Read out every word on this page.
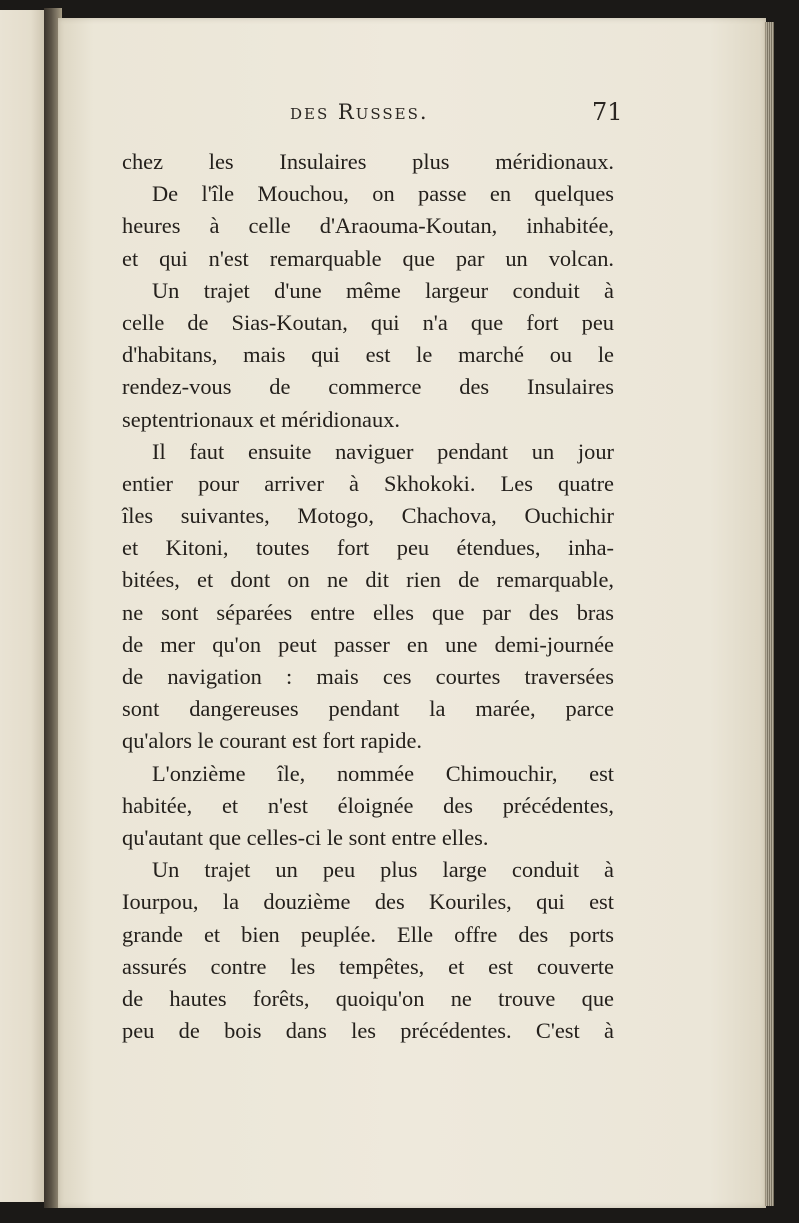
des Russes.	71
chez les Insulaires plus méridionaux.
De l'île Mouchou, on passe en quelques
heures à celle d'Araouma-Koutan, inhabitée,
et qui n'est remarquable que par un volcan.
Un trajet d'une même largeur conduit à
celle de Sias-Koutan, qui n'a que fort peu
d'habitans, mais qui est le marché ou le
rendez-vous de commerce des Insulaires
septentrionaux et méridionaux.
Il faut ensuite naviguer pendant un jour
entier pour arriver à Skhokoki. Les quatre
îles suivantes, Motogo, Chachova, Ouchichir
et Kitoni, toutes fort peu étendues, inha-
bitées, et dont on ne dit rien de remarquable,
ne sont séparées entre elles que par des bras
de mer qu'on peut passer en une demi-journée
de navigation : mais ces courtes traversées
sont dangereuses pendant la marée, parce
qu'alors le courant est fort rapide.
L'onzième île, nommée Chimouchir, est
habitée, et n'est éloignée des précédentes,
qu'autant que celles-ci le sont entre elles.
Un trajet un peu plus large conduit à
Iourpou, la douzième des Kouriles, qui est
grande et bien peuplée. Elle offre des ports
assurés contre les tempêtes, et est couverte
de hautes forêts, quoiqu'on ne trouve que
peu de bois dans les précédentes. C'est à
